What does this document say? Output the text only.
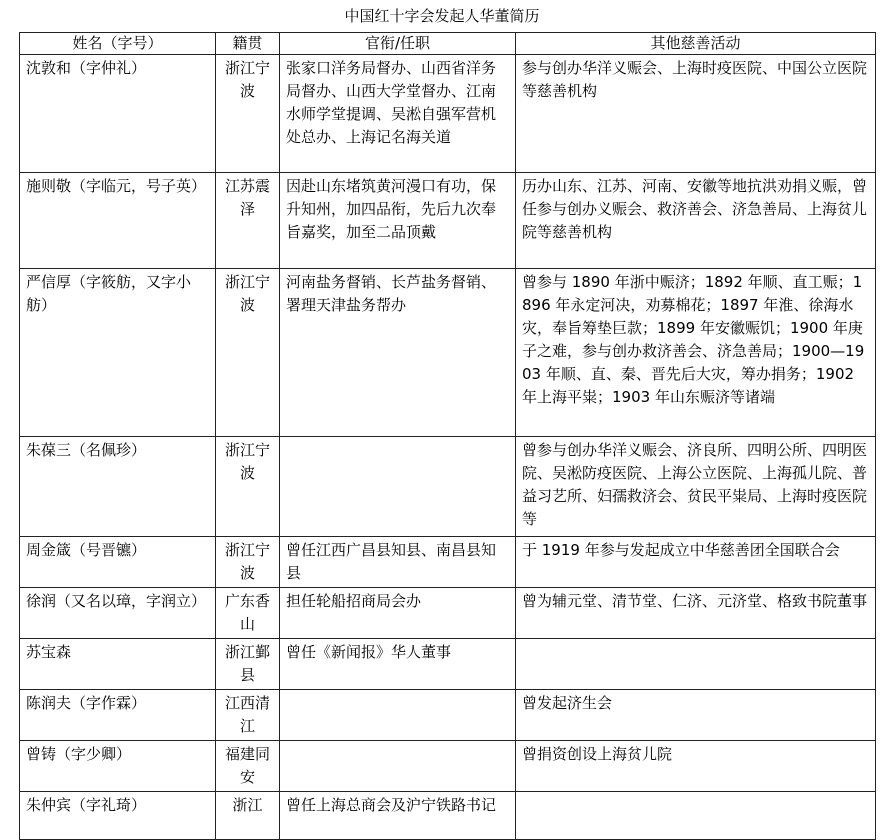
中国红十字会发起人华董简历
姓名（字号）	籍贯	官衔/任职	其他慈善活动
沈敦和（字仲礼）	浙江宁波	张家口洋务局督办、山西省洋务局督办、山西大学堂督办、江南水师学堂提调、吴淞自强军营机处总办、上海记名海关道	参与创办华洋义赈会、上海时疫医院、中国公立医院等慈善机构
施则敬（字临元，号子英）	江苏震泽	因赴山东堵筑黄河漫口有功，保升知州，加四品衔，先后九次奉旨嘉奖，加至二品顶戴	历办山东、江苏、河南、安徽等地抗洪劝捐义赈，曾任参与创办义赈会、救济善会、济急善局、上海贫儿院等慈善机构
严信厚（字筱舫，又字小舫）	浙江宁波	河南盐务督销、长芦盐务督销、署理天津盐务帮办	曾参与 1890 年浙中赈济；1892 年顺、直工赈；1896 年永定河决，劝募棉花；1897 年淮、徐海水灾，奉旨筹垫巨款；1899 年安徽赈饥；1900 年庚子之难，参与创办救济善会、济急善局；1900—1903 年顺、直、秦、晋先后大灾，筹办捐务；1902 年上海平粜；1903 年山东赈济等诸端
朱葆三（名佩珍）	浙江宁波		曾参与创办华洋义赈会、济良所、四明公所、四明医院、吴淞防疫医院、上海公立医院、上海孤儿院、普益习艺所、妇孺救济会、贫民平粜局、上海时疫医院等
周金箴（号晋镳）	浙江宁波	曾任江西广昌县知县、南昌县知县	于 1919 年参与发起成立中华慈善团全国联合会
徐润（又名以璋，字润立）	广东香山	担任轮船招商局会办	曾为辅元堂、清节堂、仁济、元济堂、格致书院董事
苏宝森	浙江鄞县	曾任《新闻报》华人董事	
陈润夫（字作霖）	江西清江		曾发起济生会
曾铸（字少卿）	福建同安		曾捐资创设上海贫儿院
朱仲宾（字礼琦）	浙江	曾任上海总商会及沪宁铁路书记	
